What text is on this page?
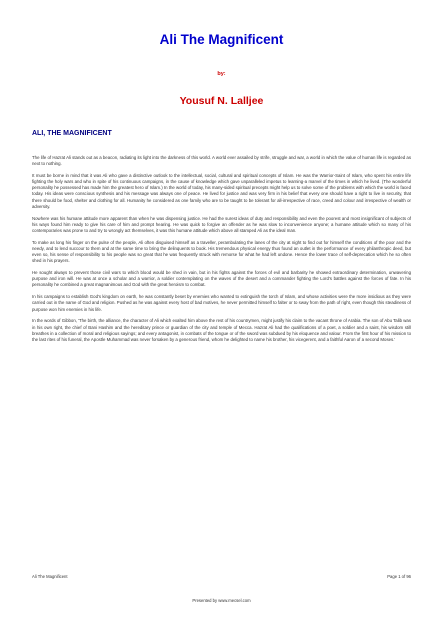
Ali The Magnificent
by:
Yousuf N. Lalljee
ALI, THE MAGNIFICENT

The life of Hazrat Ali stands out as a beacon, radiating its light into the darkness of this world. A world ever assailed by strife, struggle and war, a world in which the value of human life is regarded as next to nothing.

It must be borne in mind that it was Ali who gave a distinctive outlook to the intellectual, social, cultural and spiritual concepts of Islam. He was the Warrior-Saint of Islam, who spent his entire life fighting the holy wars and who in spite of his continuous campaigns, in the cause of knowledge which gave unparalleled impetus to learning-a marvel of the times in which he lived. (The wonderful personality he possessed has made him the greatest hero of Islam.) In the world of today, his many-sided spiritual precepts might help us to solve some of the problems with which the world is faced today. His ideas were conscious synthesis and his message was always one of peace. He lived for justice and was very firm in his belief that every one should have a right to live in security, that there should be food, shelter and clothing for all. Humanity he considered as one family who are to be taught to be tolerant for all-irrespective of race, creed and colour and irrespective of wealth or adversity.

Nowhere was his humane attitude more apparent than when he was dispensing justice. He had the surest ideas of duty and responsibility and even the poorest and most insignificant of subjects of his ways found him ready to give his care of him and prompt hearing. He was quick to forgive an offender as he was slow to inconvenience anyone; a humane attitude which so many of his contemporaries was prone to and try to wrongly act themselves, it was this humane attitude which above all stamped Ali as the ideal man.

To make as long his finger on the pulse of the people, Ali often disguised himself as a traveller, perambulating the lanes of the city at night to find out for himself the conditions of the poor and the needy, and to lend succour to them and at the same time to bring the delinquents to book. His tremendous physical energy thus found an outlet in the performance of every philanthropic deed, but even so, his sense of responsibility to his people was so great that he was frequently struck with remorse for what he had left undone. Hence the lower trace of self-deprecation which he so often shed in his prayers.

He sought always to prevent those civil wars to which blood would be shed in vain, but in his fights against the forces of evil and barbarity he showed extraordinary determination, unwavering purpose and iron will. He was at once a scholar and a warrior, a soldier contemplating on the waves of the desert and a commander fighting the Lord's battles against the forces of fate. In his personality he combined a great magnanimous and God with the great heroism to combat.

In his campaigns to establish God's kingdom on earth, he was constantly beset by enemies who wanted to extinguish the torch of Islam, and whose activities were the more insidious as they were carried out in the name of God and religion. Pushed as he was against every host of bad motives, he never permitted himself to falter or to sway from the path of right, even though this steadiness of purpose won him enemies in his life.

In the words of Gibbon, 'The birth, the alliance, the character of Ali which exalted him above the rest of his countrymen, might justify his claim to the vacant throne of Arabia. The son of Abu Talib was in his own right, the chief of Bani Hashim and the hereditary prince or guardian of the city and temple of Mecca. Hazrat Ali had the qualifications of a poet, a soldier and a saint, his wisdom still breathes in a collection of moral and religious sayings; and every antagonist, in combats of the tongue or of the sword was subdued by his eloquence and valour. From the first hour of his mission to the last rites of his funeral, the Apostle Muhammad was never forsaken by a generous friend, whom he delighted to name his brother, his vicegerent, and a faithful Aaron of a second Moses.'

Ali The Magnificent	Page 1 of 96
Presented by www.mecsel.com
